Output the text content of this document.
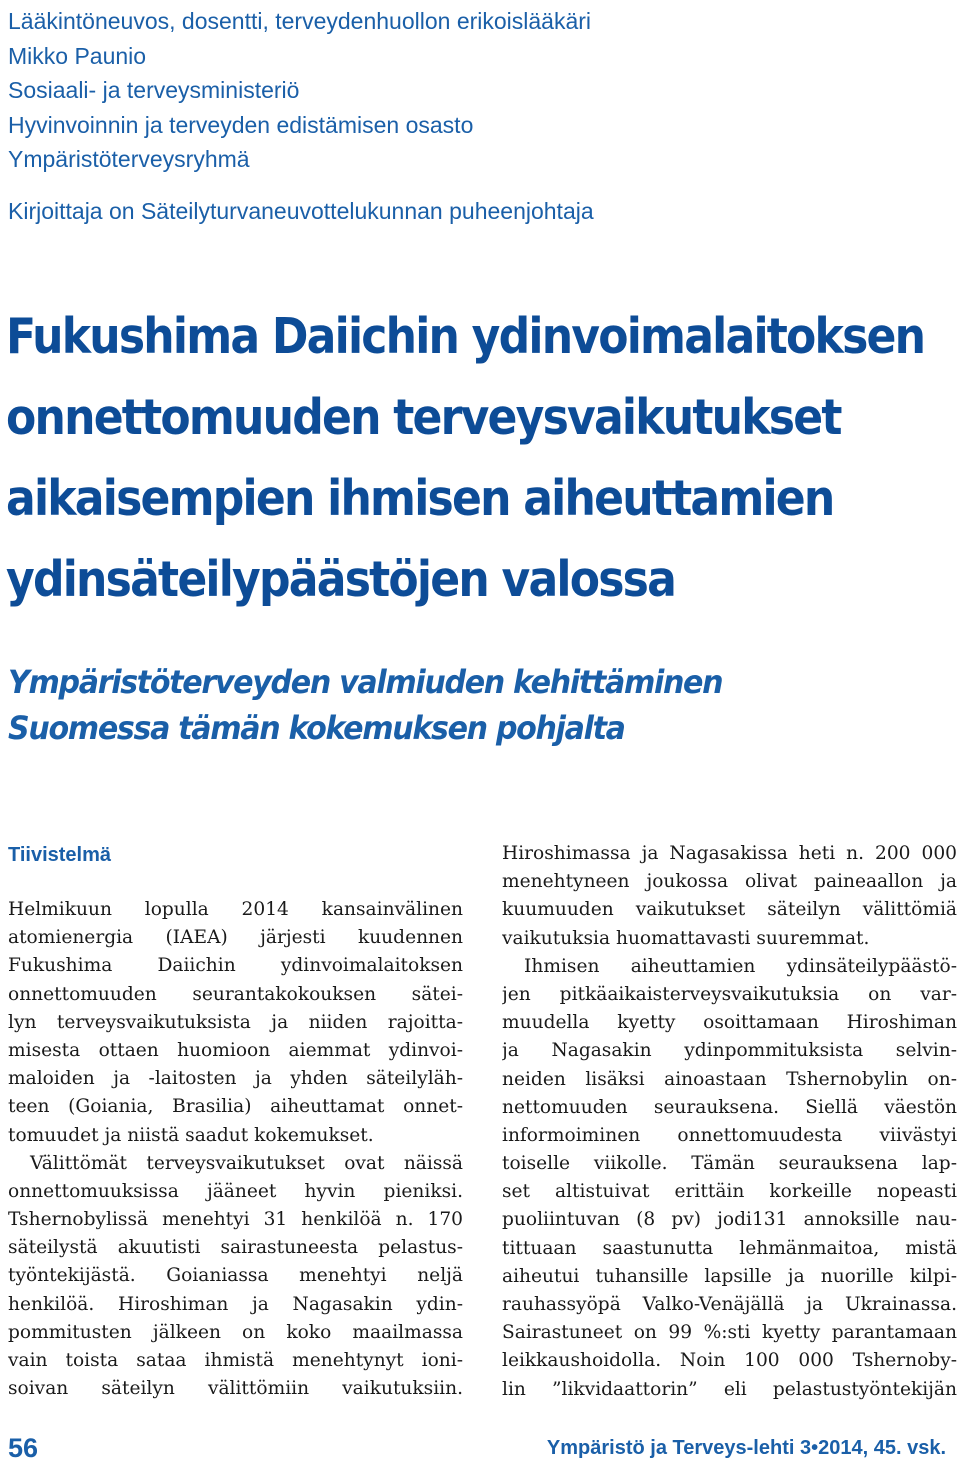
Lääkintöneuvos, dosentti, terveydenhuollon erikoislääkäri
Mikko Paunio
Sosiaali- ja terveysministeriö
Hyvinvoinnin ja terveyden edistämisen osasto
Ympäristöterveysryhmä
Kirjoittaja on Säteilyturvaneuvottelukunnan puheenjohtaja
Fukushima Daiichin ydinvoimalaitoksen
onnettomuuden terveysvaikutukset
aikaisempien ihmisen aiheuttamien
ydinsäteilypäästöjen valossa
Ympäristöterveyden valmiuden kehittäminen
Suomessa tämän kokemuksen pohjalta
Tiivistelmä
Helmikuun lopulla 2014 kansainvälinen
atomienergia (IAEA) järjesti kuudennen
Fukushima Daiichin ydinvoimalaitoksen
onnettomuuden seurantakokouksen sätei-
lyn terveysvaikutuksista ja niiden rajoitta-
misesta ottaen huomioon aiemmat ydinvoi-
maloiden ja -laitosten ja yhden säteilyläh-
teen (Goiania, Brasilia) aiheuttamat onnet-
tomuudet ja niistä saadut kokemukset.
Välittömät terveysvaikutukset ovat näissä
onnettomuuksissa jääneet hyvin pieniksi.
Tshernobylissä menehtyi 31 henkilöä n. 170
säteilystä akuutisti sairastuneesta pelastus-
työntekijästä. Goianiassa menehtyi neljä
henkilöä. Hiroshiman ja Nagasakin ydin-
pommitusten jälkeen on koko maailmassa
vain toista sataa ihmistä menehtynyt ioni-
soivan säteilyn välittömiin vaikutuksiin.
Hiroshimassa ja Nagasakissa heti n. 200 000
menehtyneen joukossa olivat paineaallon ja
kuumuuden vaikutukset säteilyn välittömiä
vaikutuksia huomattavasti suuremmat.
Ihmisen aiheuttamien ydinsäteilypäästö-
jen pitkäaikaisterveysvaikutuksia on var-
muudella kyetty osoittamaan Hiroshiman
ja Nagasakin ydinpommituksista selvin-
neiden lisäksi ainoastaan Tshernobylin on-
nettomuuden seurauksena. Siellä väestön
informoiminen onnettomuudesta viivästyi
toiselle viikolle. Tämän seurauksena lap-
set altistuivat erittäin korkeille nopeasti
puoliintuvan (8 pv) jodi131 annoksille nau-
tittuaan saastunutta lehmänmaitoa, mistä
aiheutui tuhansille lapsille ja nuorille kilpi-
rauhassyöpä Valko-Venäjällä ja Ukrainassa.
Sairastuneet on 99 %:sti kyetty parantamaan
leikkaushoidolla. Noin 100 000 Tshernoby-
lin ”likvidaattorin” eli pelastustyöntekijän
56	Ympäristö ja Terveys-lehti 3•2014, 45. vsk.
